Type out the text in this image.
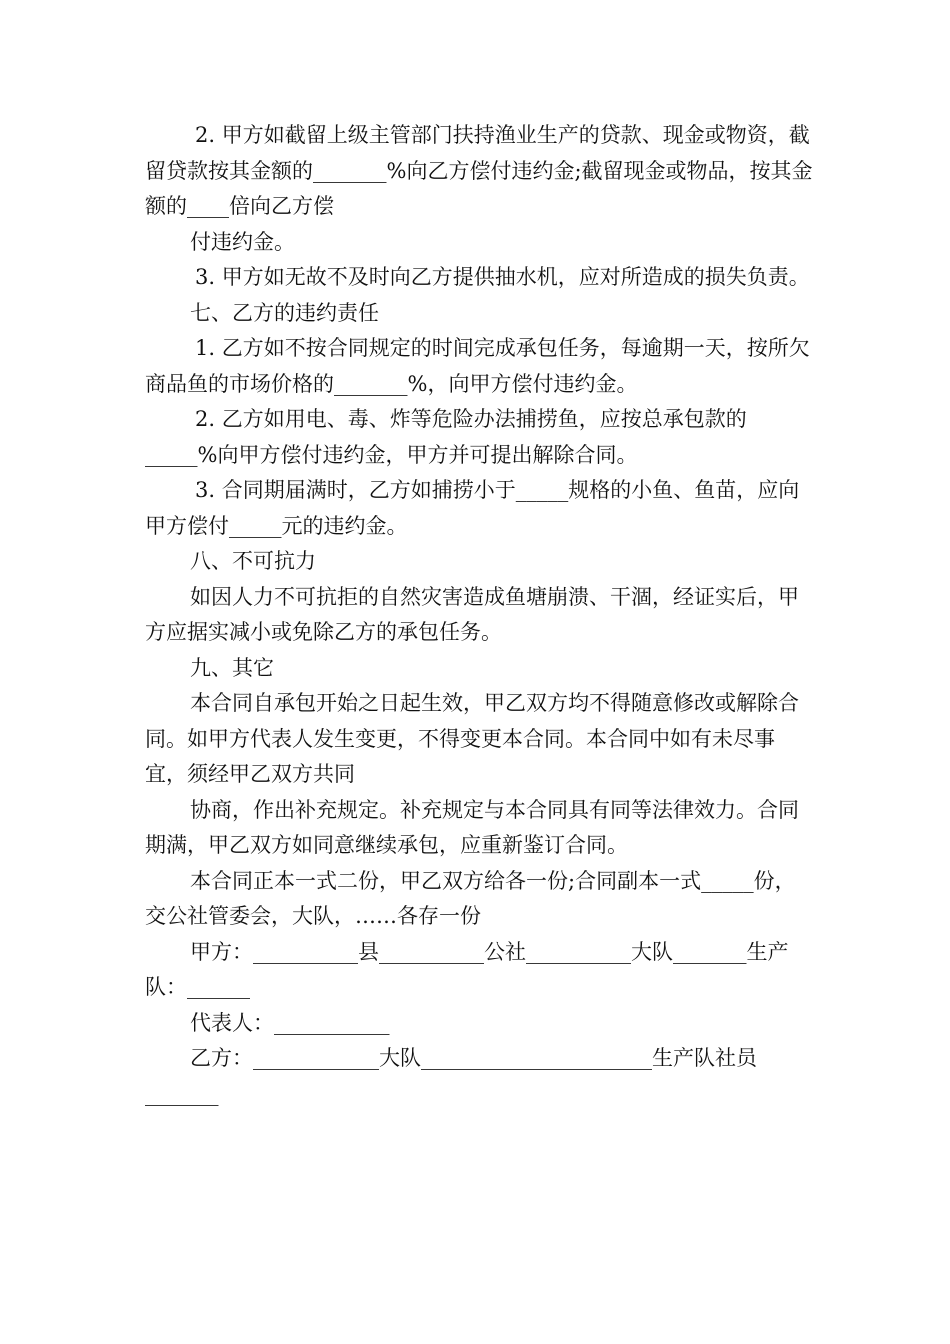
2. 甲方如截留上级主管部门扶持渔业生产的贷款、现金或物资，截留贷款按其金额的_______%向乙方偿付违约金;截留现金或物品，按其金额的____倍向乙方偿

付违约金。

3. 甲方如无故不及时向乙方提供抽水机，应对所造成的损失负责。

七、乙方的违约责任

1. 乙方如不按合同规定的时间完成承包任务，每逾期一天，按所欠商品鱼的市场价格的_______%，向甲方偿付违约金。

2. 乙方如用电、毒、炸等危险办法捕捞鱼，应按总承包款的_____%向甲方偿付违约金，甲方并可提出解除合同。

3. 合同期届满时，乙方如捕捞小于_____规格的小鱼、鱼苗，应向甲方偿付_____元的违约金。

八、不可抗力

如因人力不可抗拒的自然灾害造成鱼塘崩溃、干涸，经证实后，甲方应据实减小或免除乙方的承包任务。

九、其它

本合同自承包开始之日起生效，甲乙双方均不得随意修改或解除合同。如甲方代表人发生变更，不得变更本合同。本合同中如有未尽事宜，须经甲乙双方共同

协商，作出补充规定。补充规定与本合同具有同等法律效力。合同期满，甲乙双方如同意继续承包，应重新鉴订合同。

本合同正本一式二份，甲乙双方给各一份;合同副本一式_____份，交公社管委会，大队，……各存一份

甲方：__________县__________公社__________大队_______生产队：______

代表人：___________

乙方：____________大队______________________生产队社员_______
